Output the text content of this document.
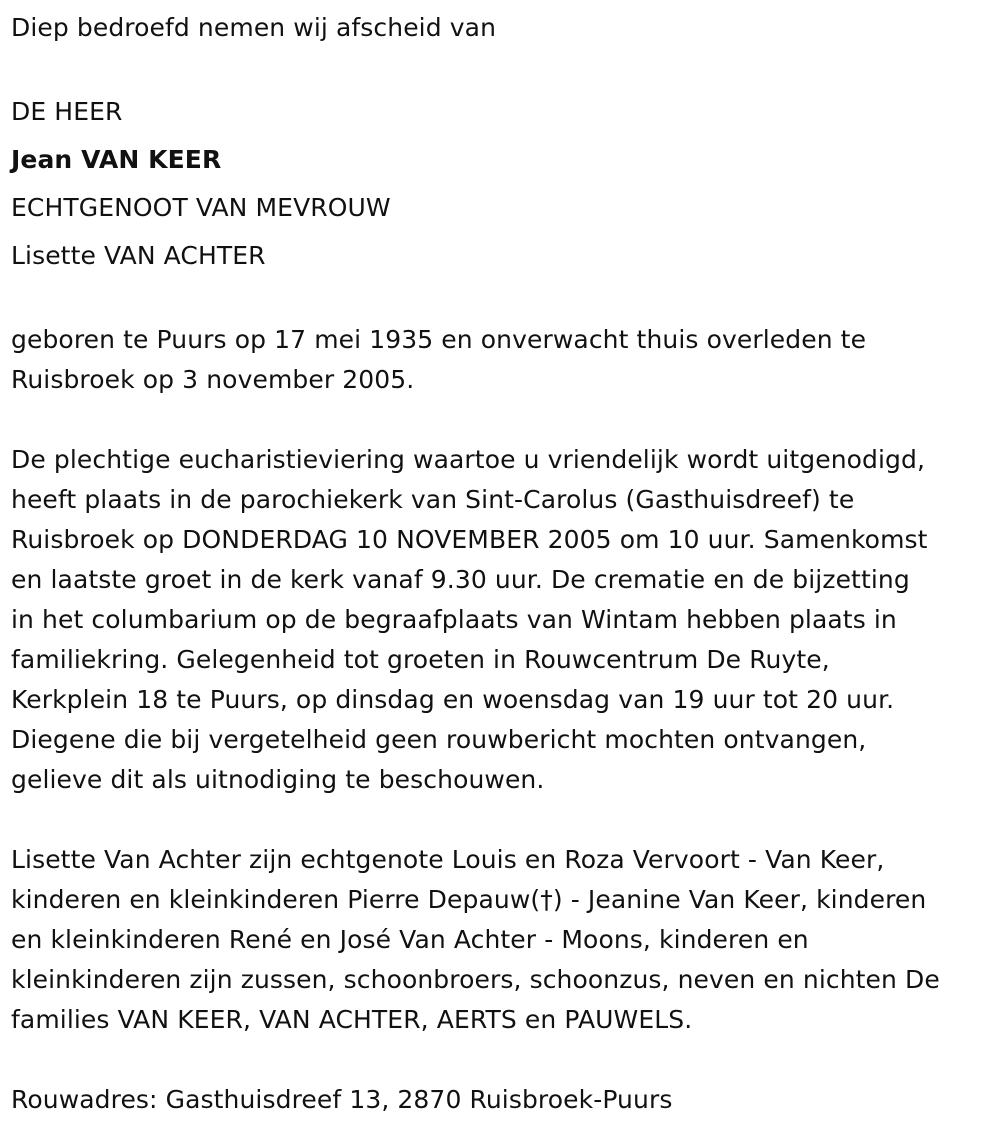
Diep bedroefd nemen wij afscheid van
DE HEER
Jean VAN KEER
ECHTGENOOT VAN MEVROUW
Lisette VAN ACHTER
geboren te Puurs op 17 mei 1935 en onverwacht thuis overleden te
Ruisbroek op 3 november 2005.
De plechtige eucharistieviering waartoe u vriendelijk wordt uitgenodigd,
heeft plaats in de parochiekerk van Sint-Carolus (Gasthuisdreef) te
Ruisbroek op DONDERDAG 10 NOVEMBER 2005 om 10 uur. Samenkomst
en laatste groet in de kerk vanaf 9.30 uur. De crematie en de bijzetting
in het columbarium op de begraafplaats van Wintam hebben plaats in
familiekring. Gelegenheid tot groeten in Rouwcentrum De Ruyte,
Kerkplein 18 te Puurs, op dinsdag en woensdag van 19 uur tot 20 uur.
Diegene die bij vergetelheid geen rouwbericht mochten ontvangen,
gelieve dit als uitnodiging te beschouwen.
Lisette Van Achter zijn echtgenote Louis en Roza Vervoort - Van Keer,
kinderen en kleinkinderen Pierre Depauw(†) - Jeanine Van Keer, kinderen
en kleinkinderen René en José Van Achter - Moons, kinderen en
kleinkinderen zijn zussen, schoonbroers, schoonzus, neven en nichten De
families VAN KEER, VAN ACHTER, AERTS en PAUWELS.
Rouwadres: Gasthuisdreef 13, 2870 Ruisbroek-Puurs
